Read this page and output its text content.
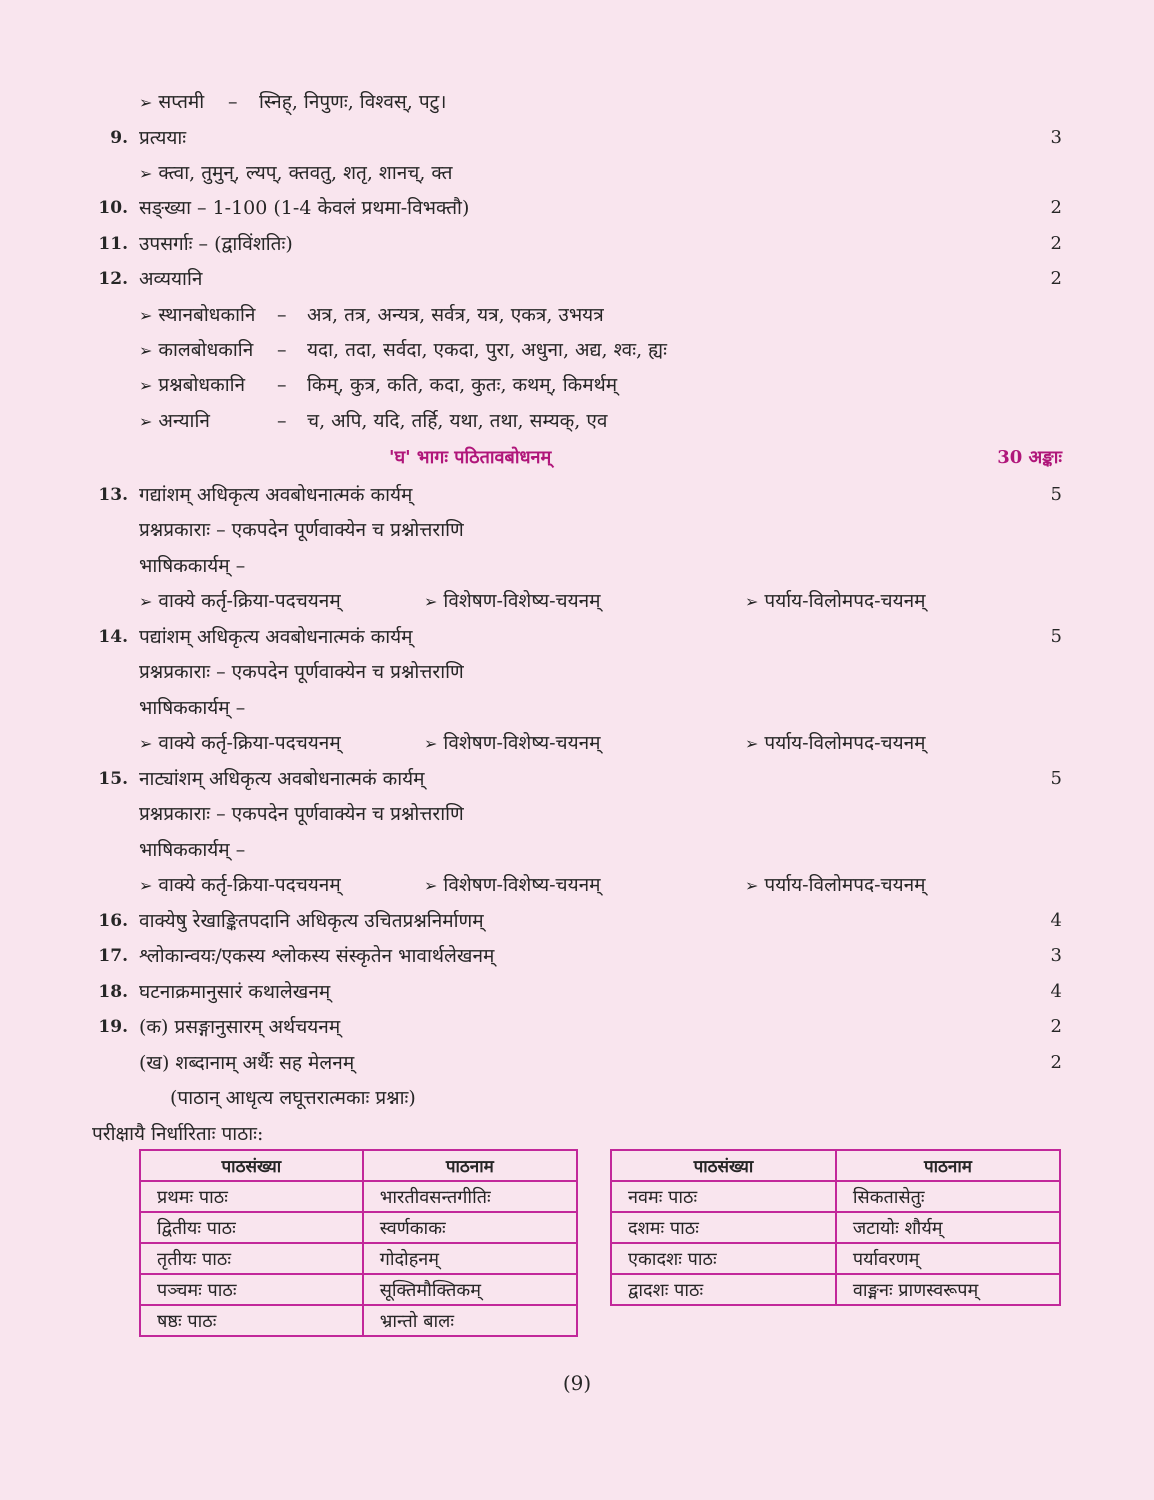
➢ सप्तमी – स्निह्, निपुणः, विश्वस्, पटु।
9. प्रत्ययाः	3
➢ क्त्वा, तुमुन्, ल्यप्, क्तवतु, शतृ, शानच्, क्त
10. सङ्ख्या – 1-100 (1-4 केवलं प्रथमा-विभक्तौ)	2
11. उपसर्गाः – (द्वाविंशतिः)	2
12. अव्ययानि	2
➢ स्थानबोधकानि – अत्र, तत्र, अन्यत्र, सर्वत्र, यत्र, एकत्र, उभयत्र
➢ कालबोधकानि – यदा, तदा, सर्वदा, एकदा, पुरा, अधुना, अद्य, श्वः, ह्यः
➢ प्रश्नबोधकानि – किम्, कुत्र, कति, कदा, कुतः, कथम्, किमर्थम्
➢ अन्यानि	– च, अपि, यदि, तर्हि, यथा, तथा, सम्यक्, एव
'घ' भागः पठितावबोधनम्	30 अङ्काः
13. गद्यांशम् अधिकृत्य अवबोधनात्मकं कार्यम्	5
प्रश्नप्रकाराः – एकपदेन पूर्णवाक्येन च प्रश्नोत्तराणि
भाषिककार्यम् –
➢ वाक्ये कर्तृ-क्रिया-पदचयनम्	➢ विशेषण-विशेष्य-चयनम्	➢ पर्याय-विलोमपद-चयनम्
14. पद्यांशम् अधिकृत्य अवबोधनात्मकं कार्यम्	5
प्रश्नप्रकाराः – एकपदेन पूर्णवाक्येन च प्रश्नोत्तराणि
भाषिककार्यम् –
➢ वाक्ये कर्तृ-क्रिया-पदचयनम्	➢ विशेषण-विशेष्य-चयनम्	➢ पर्याय-विलोमपद-चयनम्
15. नाट्यांशम् अधिकृत्य अवबोधनात्मकं कार्यम्	5
प्रश्नप्रकाराः – एकपदेन पूर्णवाक्येन च प्रश्नोत्तराणि
भाषिककार्यम् –
➢ वाक्ये कर्तृ-क्रिया-पदचयनम्	➢ विशेषण-विशेष्य-चयनम्	➢ पर्याय-विलोमपद-चयनम्
16. वाक्येषु रेखाङ्कितपदानि अधिकृत्य उचितप्रश्ननिर्माणम्	4
17. श्लोकान्वयः/एकस्य श्लोकस्य संस्कृतेन भावार्थलेखनम्	3
18. घटनाक्रमानुसारं कथालेखनम्	4
19. (क) प्रसङ्गानुसारम् अर्थचयनम्	2
(ख) शब्दानाम् अर्थैः सह मेलनम्	2
(पाठान् आधृत्य लघूत्तरात्मकाः प्रश्नाः)
परीक्षायै निर्धारिताः पाठाः:
पाठसंख्या	पाठनाम
प्रथमः पाठः	भारतीवसन्तगीतिः
द्वितीयः पाठः	स्वर्णकाकः
तृतीयः पाठः	गोदोहनम्
पञ्चमः पाठः	सूक्तिमौक्तिकम्
षष्ठः पाठः	भ्रान्तो बालः
पाठसंख्या	पाठनाम
नवमः पाठः	सिकतासेतुः
दशमः पाठः	जटायोः शौर्यम्
एकादशः पाठः	पर्यावरणम्
द्वादशः पाठः	वाङ्मनः प्राणस्वरूपम्
(9)
